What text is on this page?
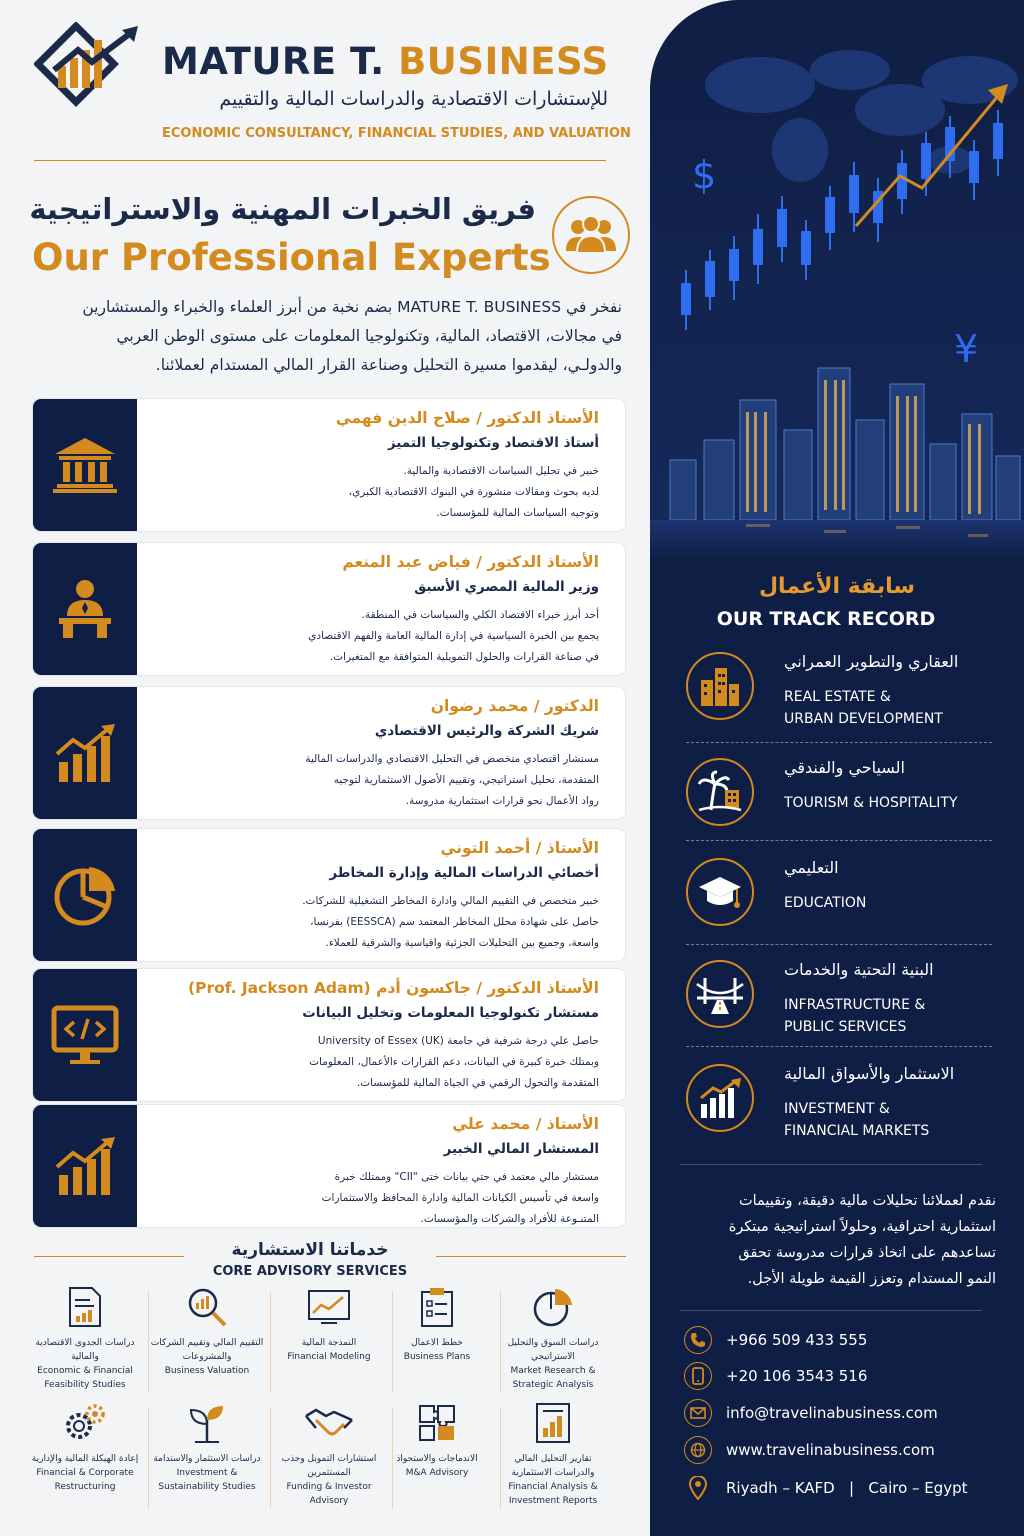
MATURE T. BUSINESS
للإستشارات الاقتصادية والدراسات المالية والتقييم
ECONOMIC CONSULTANCY, FINANCIAL STUDIES, AND VALUATION
فريق الخبرات المهنية والاستراتيجية
Our Professional Experts
نفخر في MATURE T. BUSINESS بضم نخبة من أبرز العلماء والخبراء والمستشارين
في مجالات، الاقتصاد، المالية، وتكنولوجيا المعلومات على مستوى الوطن العربي
والدولـي، ليقدموا مسيرة التحليل وصناعة القرار المالي المستدام لعملائنا.
الأستاذ الدكتور / صلاح الدين فهمي
أستاذ الاقتصاد وتكنولوجيا التميز
خبير في تحليل السياسات الاقتصادية والمالية.
لديه بحوث ومقالات منشورة في البنوك الاقتصادية الكبري،
وتوجيه السياسات المالية للمؤسسات.
الأستاذ الدكتور / فياض عبد المنعم
وزير المالية المصري الأسبق
أحد أبرز خبراء الاقتصاد الكلي والسياسات في المنطقة.
يجمع بين الخبرة السياسية في إدارة المالية العامة والفهم الاقتصادي
في صناعة القرارات والحلول التمويلية المتوافقة مع المتغيرات.
الدكتور / محمد رضوان
شريك الشركة والرئيس الاقتصادي
مستشار اقتصادي متخصص في التحليل الاقتصادي والدراسات المالية
المتقدمة، تحليل استراتيجي، وتقييم الأصول الاستثمارية لتوجيه
رواد الأعمال نحو قرارات استثمارية مدروسة.
الأستاذ / أحمد التوني
أخصائي الدراسات المالية وإدارة المخاطر
خبير متخصص في التقييم المالي وادارة المخاطر التشغيلية للشركات.
حاصل على شهادة محلل المخاطر المعتمد سم (EESSCA) بفرنسا،
واسعة، وجميع بين التحليلات الجزئية واقياسية والشرقية للعملاء.
الأستاذ الدكتور / جاكسون أدم (Prof. Jackson Adam)
مستشار تكنولوجيا المعلومات وتخليل البيانات
حاصل علي درجة شرفية في جامعة (University of Essex (UK
وبمتلك خبرة كبيرة في البيانات، دعم القرارات ءالأعمال، المعلومات
المتقدمة والتحول الرقمي في الجياة المالية للمؤسسات.
الأستاذ / محمد علي
المستشار المالي الخبير
مستشار مالي معتمد في جتي بيانات ختى "CII" وممتلك خبرة
واسعة في تأسيس الكيانات المالية وادارة المحافظ والاستثمارات
المتنـوعة للأفراد والشركات والمؤسسات.
خدماتنا الاستشارية
CORE ADVISORY SERVICES
دراسات الجدوى الاقتصادية والمالية
Economic & Financial Feasibility Studies
التقييم المالي وتقييم الشركات والمشروعات
Business Valuation
النمذجة المالية
Financial Modeling
خطط الاعمال
Business Plans
دراسات السوق والتحليل الاستراتيجي
Market Research & Strategic Analysis
إعادة الهيكلة المالية والإدارية
Financial & Corporate Restructuring
دراسات الاستثمار والاستدامة
Investment & Sustainability Studies
استشارات التمويل وجذب المستثمرين
Funding & Investor Advisory
الاندماجات والاستحواذ
M&A Advisory
تقارير التحليل المالي والدراسات الاستثمارية
Financial Analysis & Investment Reports
$
¥
سابقة الأعمال
OUR TRACK RECORD
العقاري والتطوير العمراني
REAL ESTATE &
URBAN DEVELOPMENT
السياحي والفندقي
TOURISM & HOSPITALITY
التعليمي
EDUCATION
البنية التحتية والخدمات
INFRASTRUCTURE &
PUBLIC SERVICES
الاستثمار والأسواق المالية
INVESTMENT &
FINANCIAL MARKETS
نقدم لعملائنا تحليلات مالية دقيقة، وتقييمات
استثمارية احترافية، وحلولاً استراتيجية مبتكرة
تساعدهم على اتخاذ قرارات مدروسة تحقق
النمو المستدام وتعزز القيمة طويلة الأجل.
+966 509 433 555
+20 106 3543 516
info@travelinabusiness.com
www.travelinabusiness.com
Riyadh – KAFD   |   Cairo – Egypt
